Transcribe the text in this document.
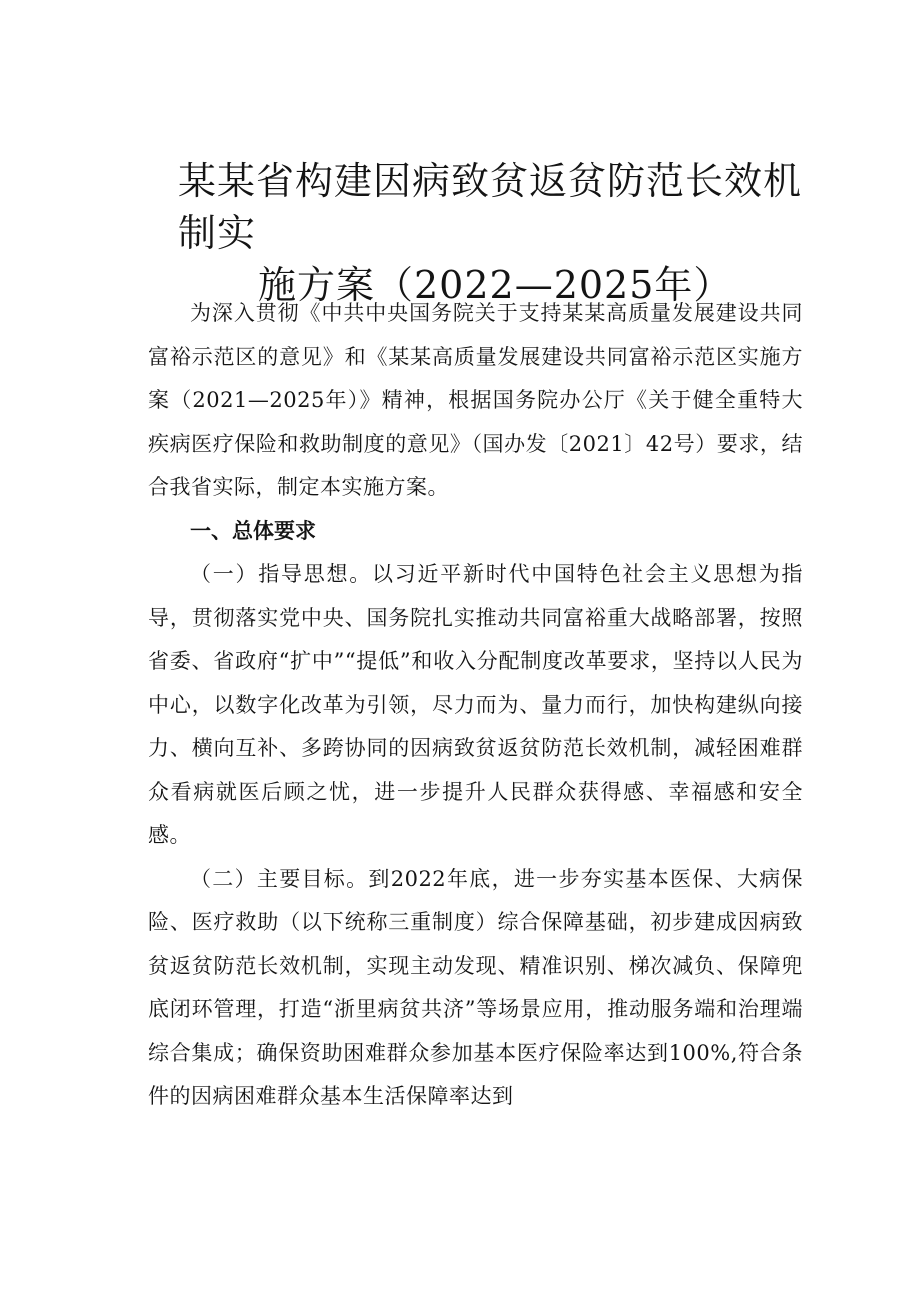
某某省构建因病致贫返贫防范长效机制实
施方案（2022—2025年）

为深入贯彻《中共中央国务院关于支持某某高质量发展建设共同富裕示范区的意见》和《某某高质量发展建设共同富裕示范区实施方案（2021—2025年）》精神，根据国务院办公厅《关于健全重特大疾病医疗保险和救助制度的意见》（国办发〔2021〕42号）要求，结合我省实际，制定本实施方案。

一、总体要求

（一）指导思想。以习近平新时代中国特色社会主义思想为指导，贯彻落实党中央、国务院扎实推动共同富裕重大战略部署，按照省委、省政府“扩中”“提低”和收入分配制度改革要求，坚持以人民为中心，以数字化改革为引领，尽力而为、量力而行，加快构建纵向接力、横向互补、多跨协同的因病致贫返贫防范长效机制，减轻困难群众看病就医后顾之忧，进一步提升人民群众获得感、幸福感和安全感。

（二）主要目标。到2022年底，进一步夯实基本医保、大病保险、医疗救助（以下统称三重制度）综合保障基础，初步建成因病致贫返贫防范长效机制，实现主动发现、精准识别、梯次减负、保障兜底闭环管理，打造“浙里病贫共济”等场景应用，推动服务端和治理端综合集成；确保资助困难群众参加基本医疗保险率达到100%,符合条件的因病困难群众基本生活保障率达到
